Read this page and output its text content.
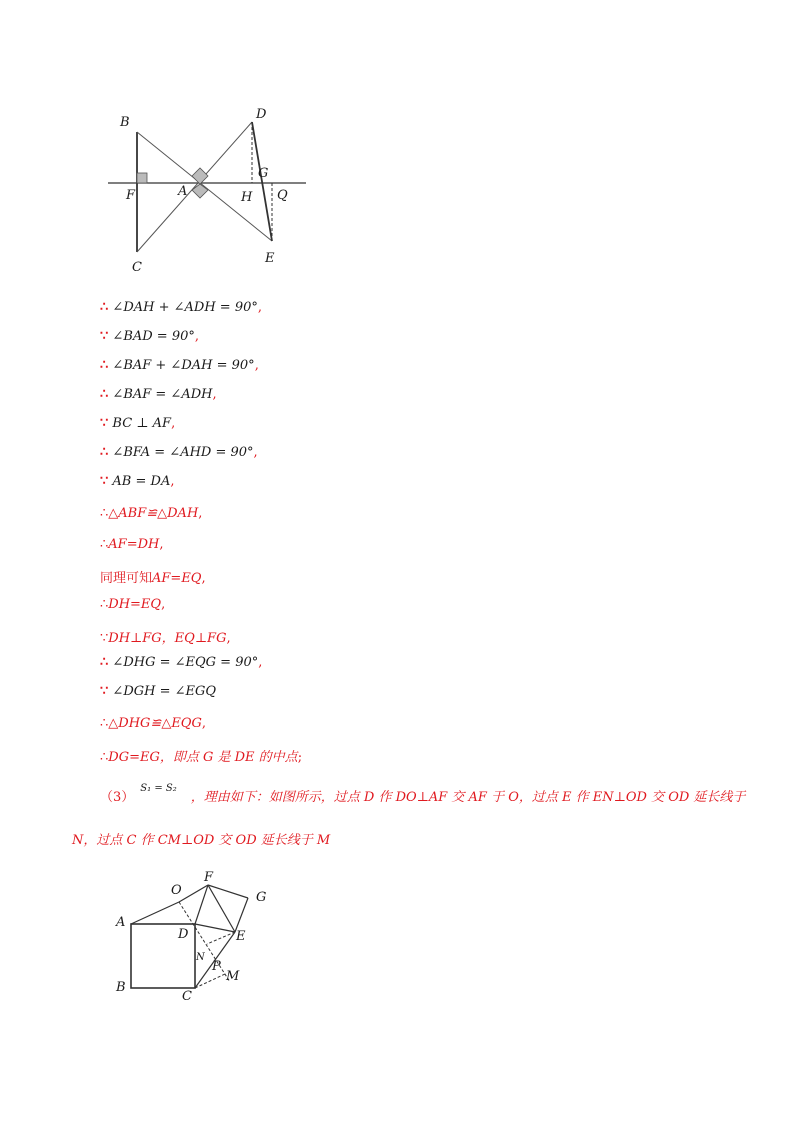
B
D
F	A
G
H Q
C
E
∴ ∠DAH + ∠ADH = 90°,
∵ ∠BAD = 90°,
∴ ∠BAF + ∠DAH = 90°,
∴ ∠BAF = ∠ADH,
∵ BC ⊥ AF,
∴ ∠BFA = ∠AHD = 90°,
∵ AB = DA,
∴△ABF≌△DAH,
∴AF=DH,
同理可知AF=EQ,
∴DH=EQ,
∵DH⊥FG，EQ⊥FG,
∴ ∠DHG = ∠EQG = 90°,
∵ ∠DGH = ∠EGQ
∴△DHG≌△EQG,
∴DG=EG，即点 G 是 DE 的中点;
$(3)^{S_1 = S_2}$，理由如下：如图所示，过点 D 作 DO⊥AF 交 AF 于 O，过点 E 作 EN⊥OD 交 OD 延长线于
N，过点 C 作 CM⊥OD 交 OD 延长线于 M
O
F
G
A
D	E
N
P
M
B
C
